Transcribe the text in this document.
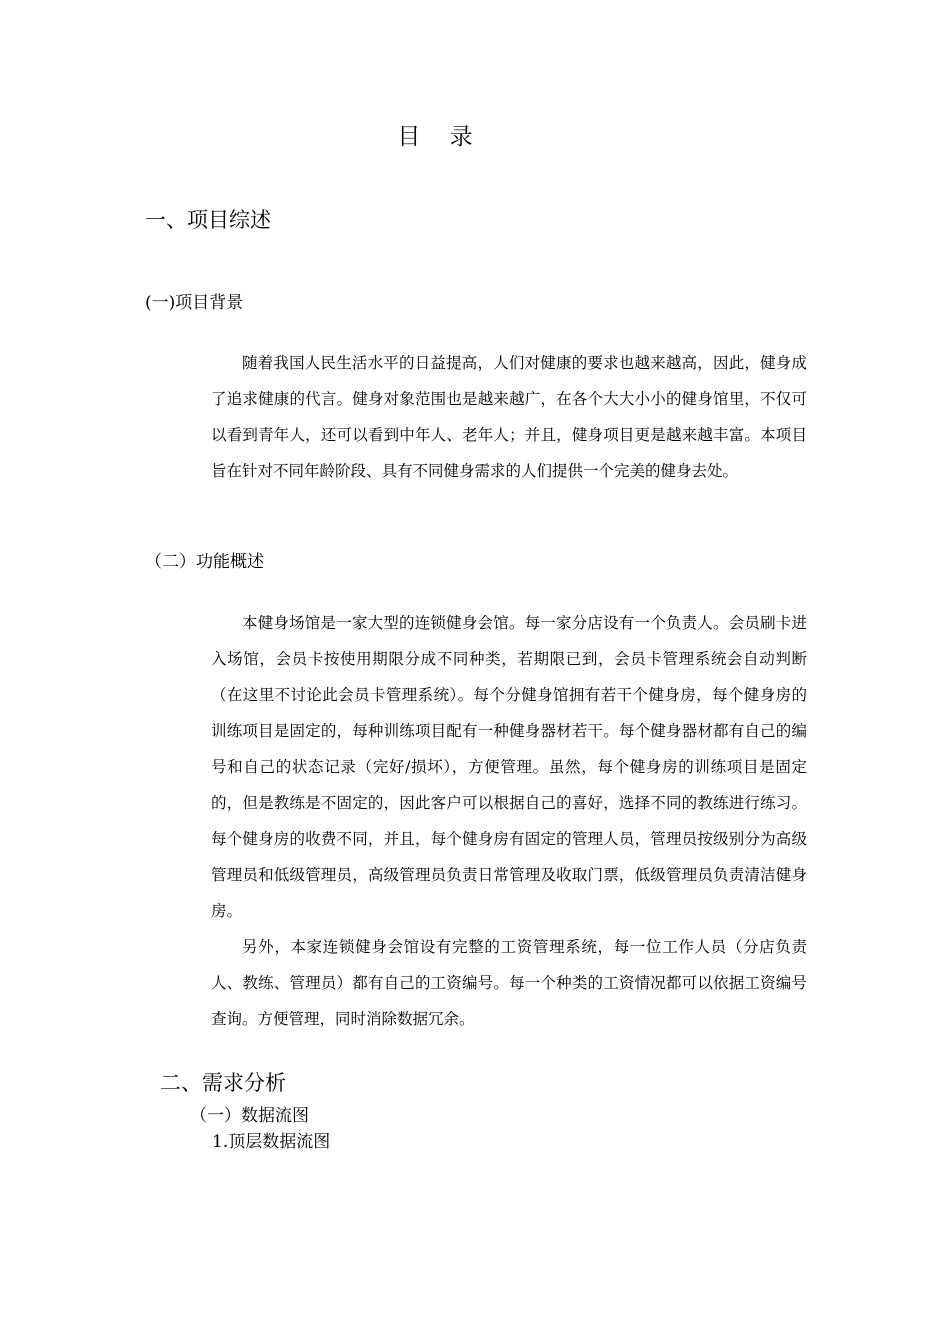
目    录
一、项目综述
(一)项目背景

随着我国人民生活水平的日益提高，人们对健康的要求也越来越高，因此，健身成了追求健康的代言。健身对象范围也是越来越广，在各个大大小小的健身馆里，不仅可以看到青年人，还可以看到中年人、老年人；并且，健身项目更是越来越丰富。本项目旨在针对不同年龄阶段、具有不同健身需求的人们提供一个完美的健身去处。

（二）功能概述

本健身场馆是一家大型的连锁健身会馆。每一家分店设有一个负责人。会员刷卡进入场馆，会员卡按使用期限分成不同种类，若期限已到，会员卡管理系统会自动判断（在这里不讨论此会员卡管理系统）。每个分健身馆拥有若干个健身房，每个健身房的训练项目是固定的，每种训练项目配有一种健身器材若干。每个健身器材都有自己的编号和自己的状态记录（完好/损坏），方便管理。虽然，每个健身房的训练项目是固定的，但是教练是不固定的，因此客户可以根据自己的喜好，选择不同的教练进行练习。每个健身房的收费不同，并且，每个健身房有固定的管理人员，管理员按级别分为高级管理员和低级管理员，高级管理员负责日常管理及收取门票，低级管理员负责清洁健身房。

另外，本家连锁健身会馆设有完整的工资管理系统，每一位工作人员（分店负责人、教练、管理员）都有自己的工资编号。每一个种类的工资情况都可以依据工资编号查询。方便管理，同时消除数据冗余。

二、需求分析
（一）数据流图
1.顶层数据流图
